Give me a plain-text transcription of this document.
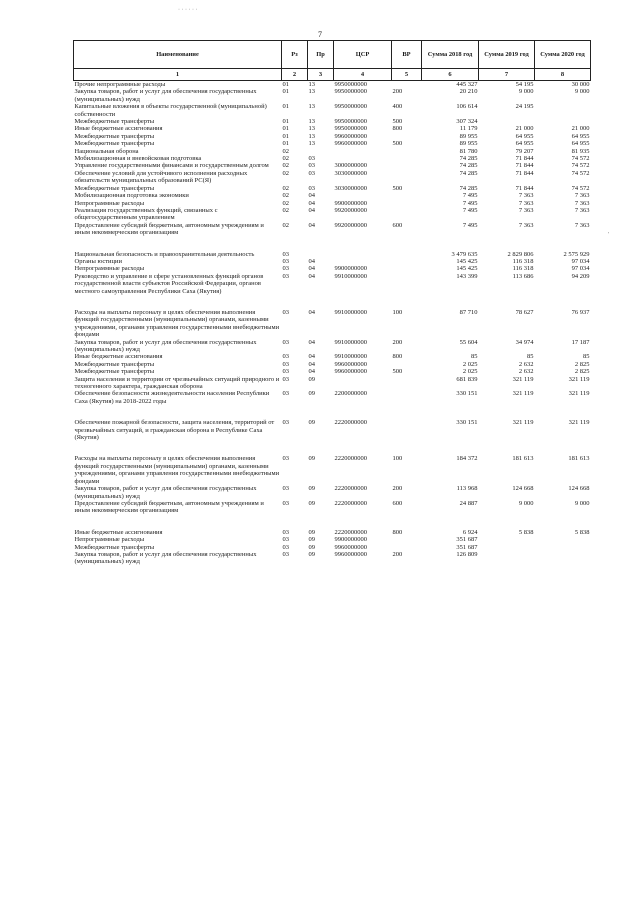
7
· · · · · ·
'
Наименование	Рз	Пр	ЦСР	ВР	Сумма 2018 год	Сумма 2019 год	Сумма 2020 год
1	2	3	4	5	6	7	8
Прочие непрограммные расходы	01	13	9950000000		445 327	54 195	30 000
Закупка товаров, работ и услуг для обеспечения государственных (муниципальных) нужд	01	13	9950000000	200	20 210	9 000	9 000
Капитальные вложения в объекты государственной (муниципальной) собственности	01	13	9950000000	400	106 614	24 195	
Межбюджетные трансферты	01	13	9950000000	500	307 324		
Иные бюджетные ассигнования	01	13	9950000000	800	11 179	21 000	21 000
Межбюджетные трансферты	01	13	9960000000		89 955	64 955	64 955
Межбюджетные трансферты	01	13	9960000000	500	89 955	64 955	64 955
Национальная оборона	02				81 780	79 207	81 935
Мобилизационная и вневойсковая подготовка	02	03			74 285	71 844	74 572
Управление государственными финансами и государственным долгом	02	03	3000000000		74 285	71 844	74 572
Обеспечение условий для устойчивого исполнения расходных обязательств муниципальных образований РС(Я)	02	03	3030000000		74 285	71 844	74 572
Межбюджетные трансферты	02	03	3030000000	500	74 285	71 844	74 572
Мобилизационная подготовка экономики	02	04			7 495	7 363	7 363
Непрограммные расходы	02	04	9900000000		7 495	7 363	7 363
Реализация государственных функций, связанных с общегосударственным управлением	02	04	9920000000		7 495	7 363	7 363
Предоставление субсидий бюджетным, автономным учреждениям и иным некоммерческим организациям	02	04	9920000000	600	7 495	7 363	7 363

Национальная безопасность и правоохранительная деятельность	03				3 479 635	2 829 806	2 575 929
Органы юстиции	03	04			145 425	116 318	97 034
Непрограммные расходы	03	04	9900000000		145 425	116 318	97 034
Руководство и управление в сфере установленных функций органов государственной власти субъектов Российской Федерации, органов местного самоуправления Республики Саха (Якутия)	03	04	9910000000		143 399	113 686	94 209

Расходы на выплаты персоналу в целях обеспечения выполнения функций государственными (муниципальными) органами, казенными учреждениями, органами управления государственными внебюджетными фондами	03	04	9910000000	100	87 710	78 627	76 937
Закупка товаров, работ и услуг для обеспечения государственных (муниципальных) нужд	03	04	9910000000	200	55 604	34 974	17 187
Иные бюджетные ассигнования	03	04	9910000000	800	85	85	85
Межбюджетные трансферты	03	04	9960000000		2 025	2 632	2 825
Межбюджетные трансферты	03	04	9960000000	500	2 025	2 632	2 825
Защита населения и территории от чрезвычайных ситуаций природного и техногенного характера, гражданская оборона	03	09			681 839	321 119	321 119
Обеспечение безопасности жизнедеятельности населения Республики Саха (Якутия) на 2018-2022 годы	03	09	2200000000		330 151	321 119	321 119

Обеспечение пожарной безопасности, защита населения, территорий от чрезвычайных ситуаций, и гражданская оборона в Республике Саха (Якутия)	03	09	2220000000		330 151	321 119	321 119

Расходы на выплаты персоналу в целях обеспечения выполнения функций государственными (муниципальными) органами, казенными учреждениями, органами управления государственными внебюджетными фондами	03	09	2220000000	100	184 372	181 613	181 613
Закупка товаров, работ и услуг для обеспечения государственных (муниципальных) нужд	03	09	2220000000	200	113 968	124 668	124 668
Предоставление субсидий бюджетным, автономным учреждениям и иным некоммерческим организациям	03	09	2220000000	600	24 887	9 000	9 000

Иные бюджетные ассигнования	03	09	2220000000	800	6 924	5 838	5 838
Непрограммные расходы	03	09	9900000000		351 687		
Межбюджетные трансферты	03	09	9960000000		351 687		
Закупка товаров, работ и услуг для обеспечения государственных (муниципальных) нужд	03	09	9960000000	200	126 809		
